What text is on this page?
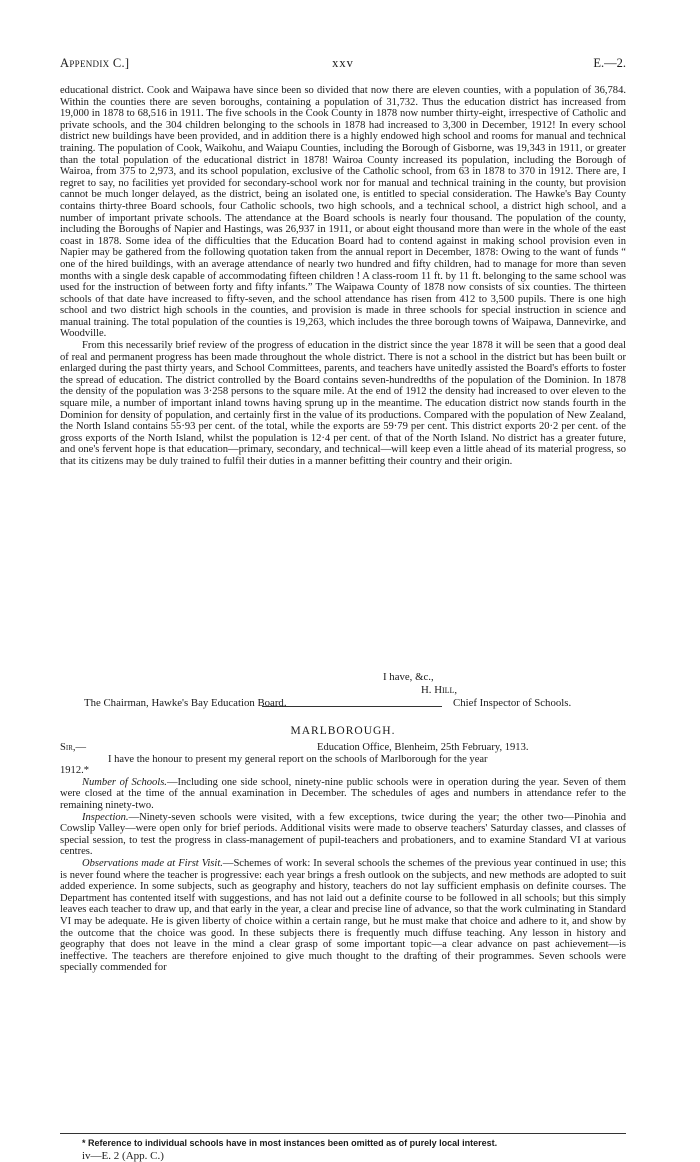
Appendix C.]	xxv	E.—2.

educational district. Cook and Waipawa have since been so divided that now there are eleven counties, with a population of 36,784. Within the counties there are seven boroughs, containing a population of 31,732. Thus the education district has increased from 19,000 in 1878 to 68,516 in 1911. The five schools in the Cook County in 1878 now number thirty-eight, irrespective of Catholic and private schools, and the 304 children belonging to the schools in 1878 had increased to 3,300 in December, 1912! In every school district new buildings have been provided, and in addition there is a highly endowed high school and rooms for manual and technical training. The population of Cook, Waikohu, and Waiapu Counties, including the Borough of Gisborne, was 19,343 in 1911, or greater than the total population of the educational district in 1878! Wairoa County increased its population, including the Borough of Wairoa, from 375 to 2,973, and its school population, exclusive of the Catholic school, from 63 in 1878 to 370 in 1912. There are, I regret to say, no facilities yet provided for secondary-school work nor for manual and technical training in the county, but provision cannot be much longer delayed, as the district, being an isolated one, is entitled to special consideration. The Hawke's Bay County contains thirty-three Board schools, four Catholic schools, two high schools, and a technical school, a district high school, and a number of important private schools. The attendance at the Board schools is nearly four thousand. The population of the county, including the Boroughs of Napier and Hastings, was 26,937 in 1911, or about eight thousand more than were in the whole of the east coast in 1878. Some idea of the difficulties that the Education Board had to contend against in making school provision even in Napier may be gathered from the following quotation taken from the annual report in December, 1878: Owing to the want of funds “ one of the hired buildings, with an average attendance of nearly two hundred and fifty children, had to manage for more than seven months with a single desk capable of accommodating fifteen children ! A class-room 11 ft. by 11 ft. belonging to the same school was used for the instruction of between forty and fifty infants.” The Waipawa County of 1878 now consists of six counties. The thirteen schools of that date have increased to fifty-seven, and the school attendance has risen from 412 to 3,500 pupils. There is one high school and two district high schools in the counties, and provision is made in three schools for special instruction in science and manual training. The total population of the counties is 19,263, which includes the three borough towns of Waipawa, Dannevirke, and Woodville.

From this necessarily brief review of the progress of education in the district since the year 1878 it will be seen that a good deal of real and permanent progress has been made throughout the whole district. There is not a school in the district but has been built or enlarged during the past thirty years, and School Committees, parents, and teachers have unitedly assisted the Board's efforts to foster the spread of education. The district controlled by the Board contains seven-hundredths of the population of the Dominion. In 1878 the density of the population was 3·258 persons to the square mile. At the end of 1912 the density had increased to over eleven to the square mile, a number of important inland towns having sprung up in the meantime. The education district now stands fourth in the Dominion for density of population, and certainly first in the value of its productions. Compared with the population of New Zealand, the North Island contains 55·93 per cent. of the total, while the exports are 59·79 per cent. This district exports 20·2 per cent. of the gross exports of the North Island, whilst the population is 12·4 per cent. of that of the North Island. No district has a greater future, and one's fervent hope is that education—primary, secondary, and technical—will keep even a little ahead of its material progress, so that its citizens may be duly trained to fulfil their duties in a manner befitting their country and their origin.

I have, &c.,
H. Hill,
Chief Inspector of Schools.
The Chairman, Hawke's Bay Education Board.
MARLBOROUGH.
Sir,—	Education Office, Blenheim, 25th February, 1913.

I have the honour to present my general report on the schools of Marlborough for the year

1912.*

Number of Schools.—Including one side school, ninety-nine public schools were in operation during the year. Seven of them were closed at the time of the annual examination in December. The schedules of ages and numbers in attendance refer to the remaining ninety-two.

Inspection.—Ninety-seven schools were visited, with a few exceptions, twice during the year; the other two—Pinohia and Cowslip Valley—were open only for brief periods. Additional visits were made to observe teachers' Saturday classes, and classes of special session, to test the progress in class-management of pupil-teachers and probationers, and to examine Standard VI at various centres.

Observations made at First Visit.—Schemes of work: In several schools the schemes of the previous year continued in use; this is never found where the teacher is progressive: each year brings a fresh outlook on the subjects, and new methods are adopted to suit added experience. In some subjects, such as geography and history, teachers do not lay sufficient emphasis on definite courses. The Department has contented itself with suggestions, and has not laid out a definite course to be followed in all schools; but this simply leaves each teacher to draw up, and that early in the year, a clear and precise line of advance, so that the work culminating in Standard VI may be adequate. He is given liberty of choice within a certain range, but he must make that choice and adhere to it, and show by the outcome that the choice was good. In these subjects there is frequently much diffuse teaching. Any lesson in history and geography that does not leave in the mind a clear grasp of some important topic—a clear advance on past achievement—is ineffective. The teachers are therefore enjoined to give much thought to the drafting of their programmes. Seven schools were specially commended for

* Reference to individual schools have in most instances been omitted as of purely local interest.
iv—E. 2 (App. C.)
